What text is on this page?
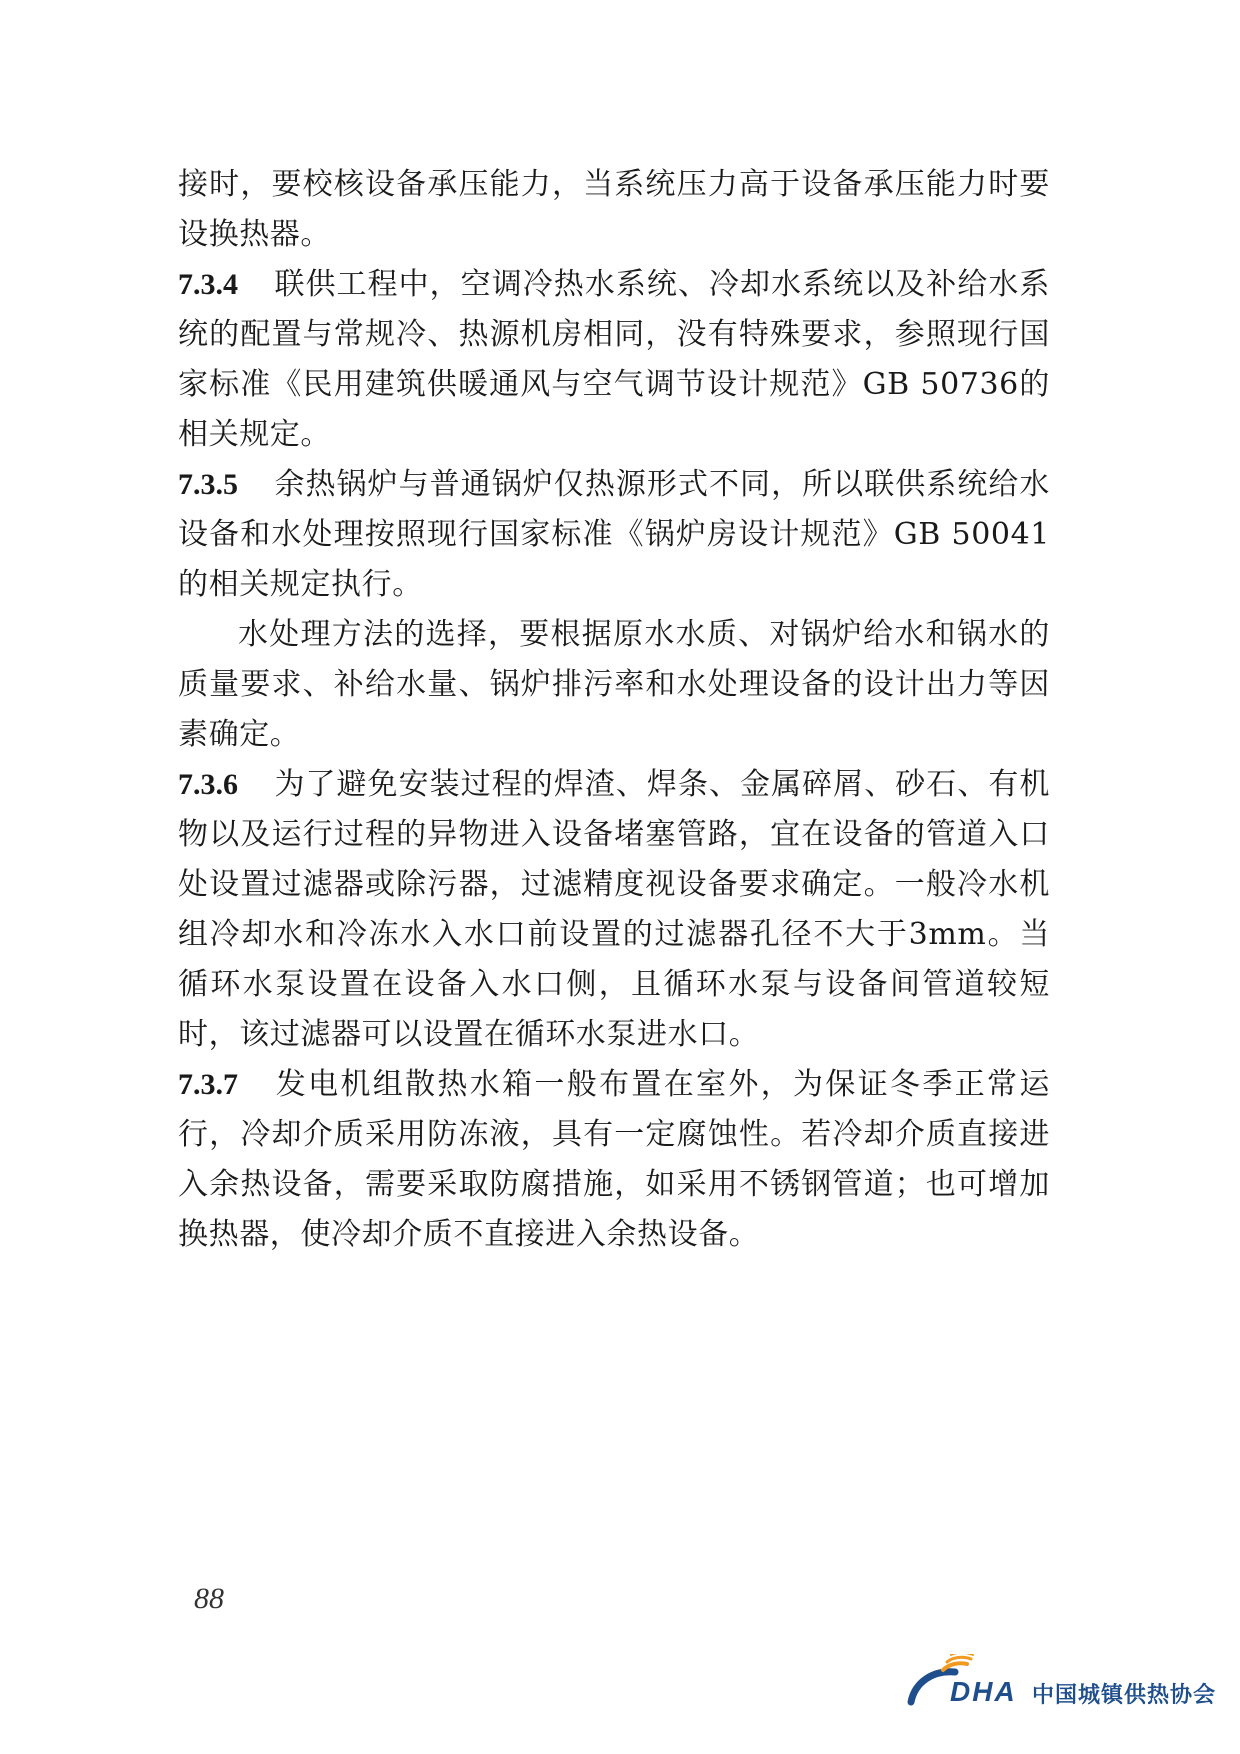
接时，要校核设备承压能力，当系统压力高于设备承压能力时要设换热器。

7.3.4 联供工程中，空调冷热水系统、冷却水系统以及补给水系统的配置与常规冷、热源机房相同，没有特殊要求，参照现行国家标准《民用建筑供暖通风与空气调节设计规范》GB 50736的相关规定。

7.3.5 余热锅炉与普通锅炉仅热源形式不同，所以联供系统给水设备和水处理按照现行国家标准《锅炉房设计规范》GB 50041的相关规定执行。

水处理方法的选择，要根据原水水质、对锅炉给水和锅水的质量要求、补给水量、锅炉排污率和水处理设备的设计出力等因素确定。

7.3.6 为了避免安装过程的焊渣、焊条、金属碎屑、砂石、有机物以及运行过程的异物进入设备堵塞管路，宜在设备的管道入口处设置过滤器或除污器，过滤精度视设备要求确定。一般冷水机组冷却水和冷冻水入水口前设置的过滤器孔径不大于3mm。当循环水泵设置在设备入水口侧，且循环水泵与设备间管道较短时，该过滤器可以设置在循环水泵进水口。

7.3.7 发电机组散热水箱一般布置在室外，为保证冬季正常运行，冷却介质采用防冻液，具有一定腐蚀性。若冷却介质直接进入余热设备，需要采取防腐措施，如采用不锈钢管道；也可增加换热器，使冷却介质不直接进入余热设备。

88
DHA 中国城镇供热协会
